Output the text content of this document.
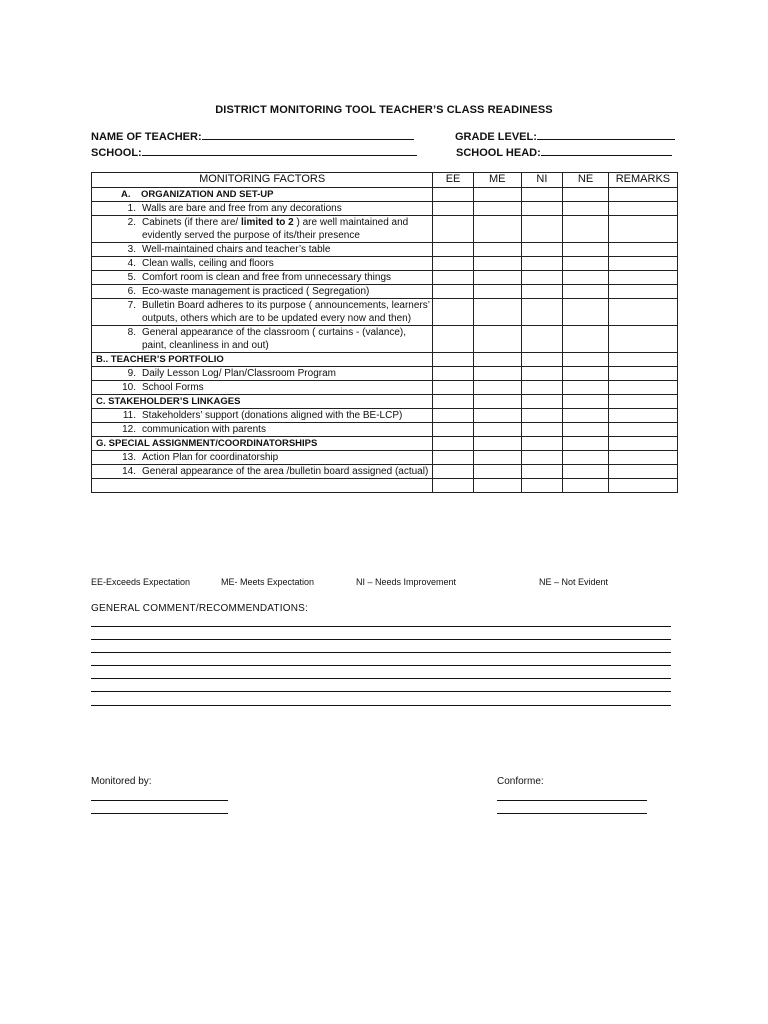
DISTRICT MONITORING TOOL TEACHER’S CLASS READINESS
NAME OF TEACHER:	GRADE LEVEL:
SCHOOL:	SCHOOL HEAD:
MONITORING FACTORS	EE	ME	NI	NE	REMARKS
A. ORGANIZATION AND SET-UP					

1. Walls are bare and free from any decorations					

2. Cabinets (if there are/ limited to 2 ) are well maintained and evidently served the purpose of its/their presence					

3. Well-maintained chairs and teacher’s table					

4. Clean walls, ceiling and floors					

5. Comfort room is clean and free from unnecessary things					

6. Eco-waste management is practiced ( Segregation)					

7. Bulletin Board adheres to its purpose ( announcements, learners’ outputs, others which are to be updated every now and then)					

8. General appearance of the classroom ( curtains - (valance), paint, cleanliness in and out)					

B.. TEACHER’S PORTFOLIO					

9. Daily Lesson Log/ Plan/Classroom Program					

10. School Forms					

C. STAKEHOLDER’S LINKAGES					

11. Stakeholders’ support (donations aligned with the BE-LCP)					

12. communication with parents					

G. SPECIAL ASSIGNMENT/COORDINATORSHIPS					

13. Action Plan for coordinatorship					

14. General appearance of the area /bulletin board assigned (actual)					

EE-Exceeds Expectation	ME- Meets Expectation	NI – Needs Improvement	NE – Not Evident
GENERAL COMMENT/RECOMMENDATIONS:
Monitored by:	Conforme:
